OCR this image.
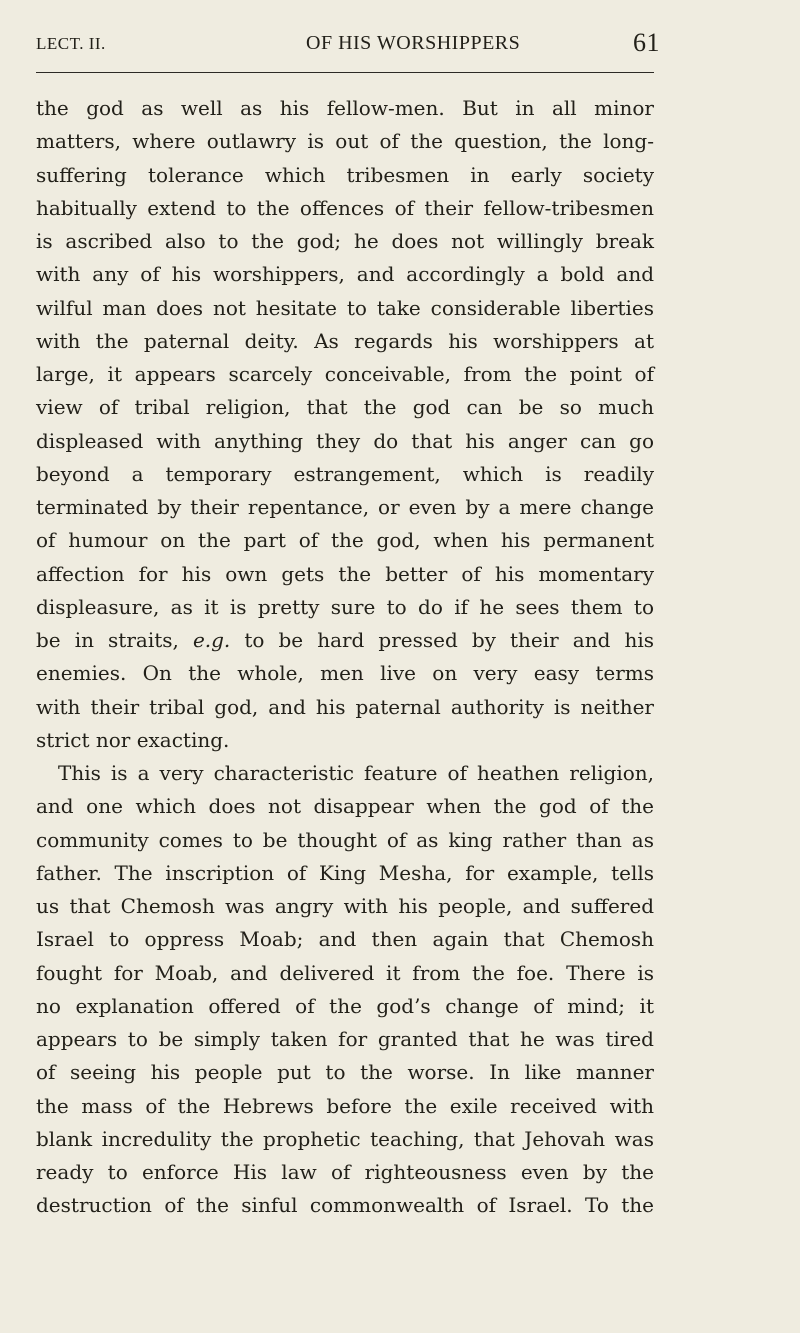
LECT. II.	OF HIS WORSHIPPERS	61
the god as well as his fellow-men. But in all minor
matters, where outlawry is out of the question, the long-
suffering tolerance which tribesmen in early society
habitually extend to the offences of their fellow-tribesmen
is ascribed also to the god; he does not willingly break
with any of his worshippers, and accordingly a bold and
wilful man does not hesitate to take considerable liberties
with the paternal deity. As regards his worshippers at
large, it appears scarcely conceivable, from the point of
view of tribal religion, that the god can be so much
displeased with anything they do that his anger can go
beyond a temporary estrangement, which is readily
terminated by their repentance, or even by a mere change
of humour on the part of the god, when his permanent
affection for his own gets the better of his momentary
displeasure, as it is pretty sure to do if he sees them to
be in straits, e.g. to be hard pressed by their and his
enemies. On the whole, men live on very easy terms
with their tribal god, and his paternal authority is neither
strict nor exacting.
This is a very characteristic feature of heathen religion,
and one which does not disappear when the god of the
community comes to be thought of as king rather than as
father. The inscription of King Mesha, for example, tells
us that Chemosh was angry with his people, and suffered
Israel to oppress Moab; and then again that Chemosh
fought for Moab, and delivered it from the foe. There is
no explanation offered of the god’s change of mind; it
appears to be simply taken for granted that he was tired
of seeing his people put to the worse. In like manner
the mass of the Hebrews before the exile received with
blank incredulity the prophetic teaching, that Jehovah was
ready to enforce His law of righteousness even by the
destruction of the sinful commonwealth of Israel. To the
